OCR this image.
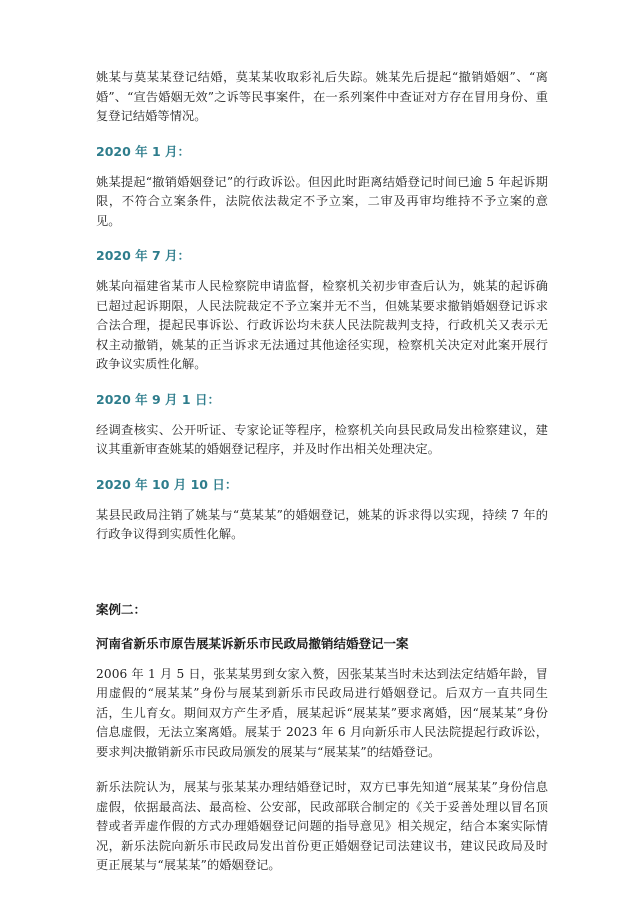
姚某与莫某某登记结婚，莫某某收取彩礼后失踪。姚某先后提起“撤销婚姻”、“离婚”、“宣告婚姻无效”之诉等民事案件，在一系列案件中查证对方存在冒用身份、重复登记结婚等情况。

2020 年 1 月：

姚某提起“撤销婚姻登记”的行政诉讼。但因此时距离结婚登记时间已逾 5 年起诉期限，不符合立案条件，法院依法裁定不予立案，二审及再审均维持不予立案的意见。

2020 年 7 月：

姚某向福建省某市人民检察院申请监督，检察机关初步审查后认为，姚某的起诉确已超过起诉期限，人民法院裁定不予立案并无不当，但姚某要求撤销婚姻登记诉求合法合理，提起民事诉讼、行政诉讼均未获人民法院裁判支持，行政机关又表示无权主动撤销，姚某的正当诉求无法通过其他途径实现，检察机关决定对此案开展行政争议实质性化解。

2020 年 9 月 1 日：

经调查核实、公开听证、专家论证等程序，检察机关向县民政局发出检察建议，建议其重新审查姚某的婚姻登记程序，并及时作出相关处理决定。

2020 年 10 月 10 日：

某县民政局注销了姚某与“莫某某”的婚姻登记，姚某的诉求得以实现，持续 7 年的行政争议得到实质性化解。

案例二：

河南省新乐市原告展某诉新乐市民政局撤销结婚登记一案

2006 年 1 月 5 日，张某某男到女家入赘，因张某某当时未达到法定结婚年龄，冒用虚假的“展某某”身份与展某到新乐市民政局进行婚姻登记。后双方一直共同生活，生儿育女。期间双方产生矛盾，展某起诉“展某某”要求离婚，因“展某某”身份信息虚假，无法立案离婚。展某于 2023 年 6 月向新乐市人民法院提起行政诉讼，要求判决撤销新乐市民政局颁发的展某与“展某某”的结婚登记。

新乐法院认为，展某与张某某办理结婚登记时，双方已事先知道“展某某”身份信息虚假，依据最高法、最高检、公安部，民政部联合制定的《关于妥善处理以冒名顶替或者弄虚作假的方式办理婚姻登记问题的指导意见》相关规定，结合本案实际情况，新乐法院向新乐市民政局发出首份更正婚姻登记司法建议书，建议民政局及时更正展某与“展某某”的婚姻登记。
